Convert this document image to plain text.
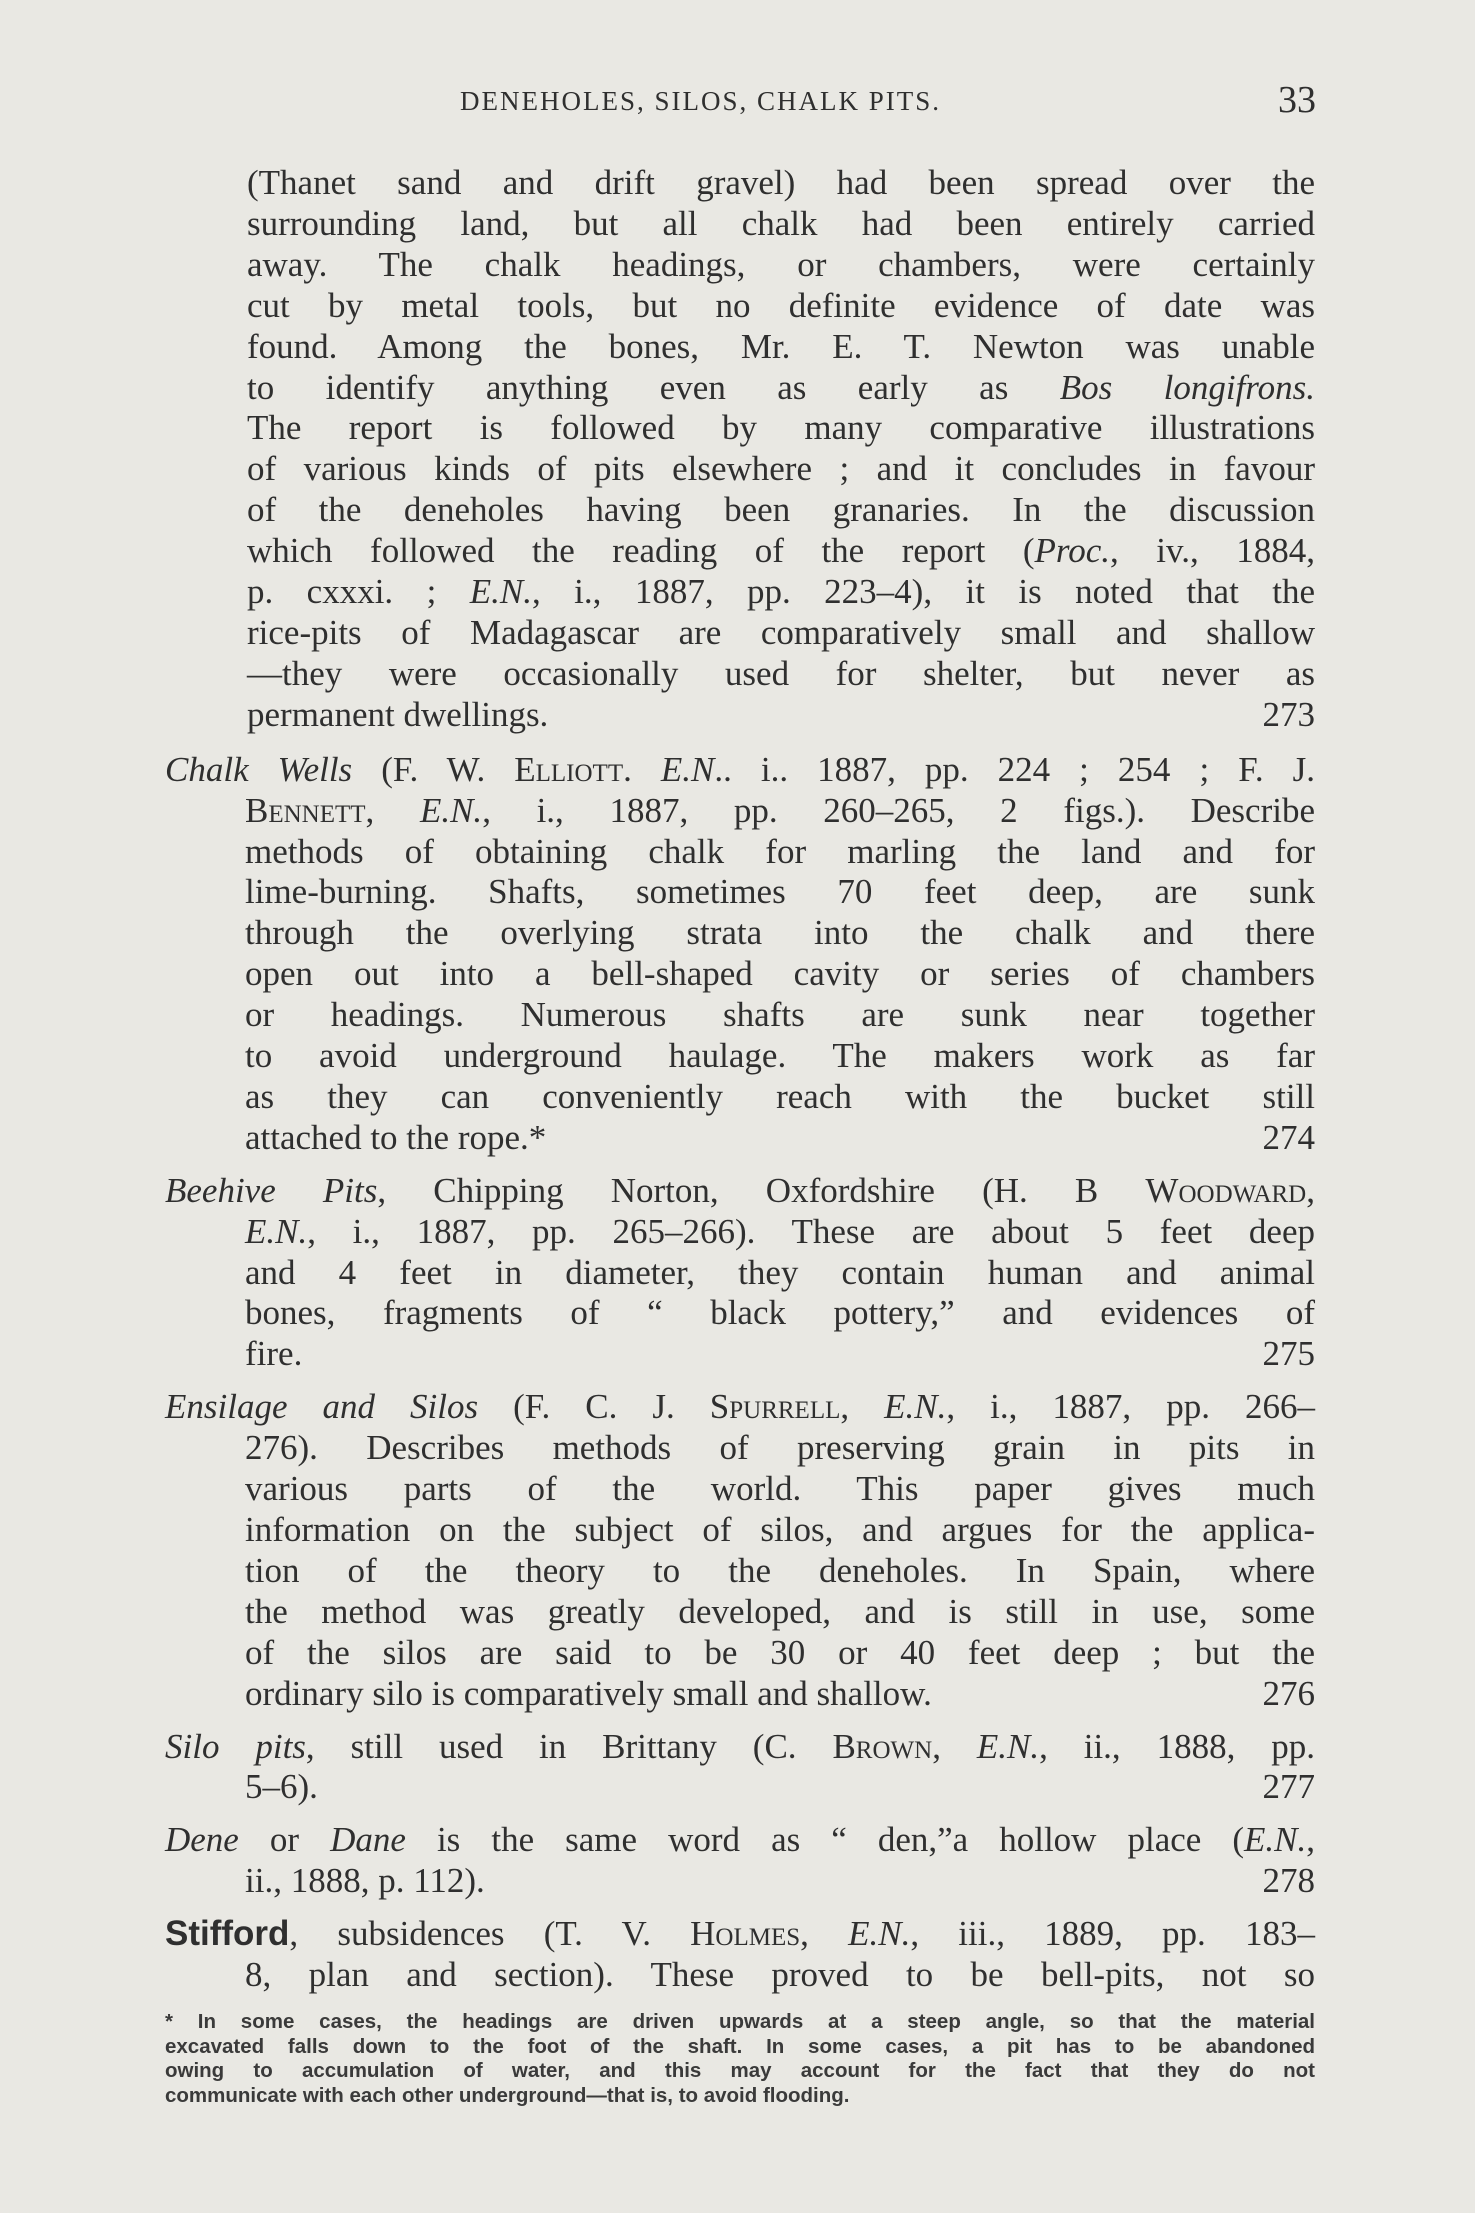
DENEHOLES, SILOS, CHALK PITS.	33

(Thanet sand and drift gravel) had been spread over the

surrounding land, but all chalk had been entirely carried

away. The chalk headings, or chambers, were certainly

cut by metal tools, but no definite evidence of date was

found. Among the bones, Mr. E. T. Newton was unable

to identify anything even as early as Bos longifrons.

The report is followed by many comparative illustrations

of various kinds of pits elsewhere ; and it concludes in favour

of the deneholes having been granaries. In the discussion

which followed the reading of the report (Proc., iv., 1884,

p. cxxxi. ; E.N., i., 1887, pp. 223–4), it is noted that the

rice-pits of Madagascar are comparatively small and shallow

—they were occasionally used for shelter, but never as

permanent dwellings.	273

Chalk Wells (F. W. Elliott. E.N.. i.. 1887, pp. 224 ; 254 ; F. J.

Bennett, E.N., i., 1887, pp. 260–265, 2 figs.). Describe

methods of obtaining chalk for marling the land and for

lime-burning. Shafts, sometimes 70 feet deep, are sunk

through the overlying strata into the chalk and there

open out into a bell-shaped cavity or series of chambers

or headings. Numerous shafts are sunk near together

to avoid underground haulage. The makers work as far

as they can conveniently reach with the bucket still

attached to the rope.*	274

Beehive Pits, Chipping Norton, Oxfordshire (H. B Woodward,

E.N., i., 1887, pp. 265–266). These are about 5 feet deep

and 4 feet in diameter, they contain human and animal

bones, fragments of “ black pottery,” and evidences of

fire.	275

Ensilage and Silos (F. C. J. Spurrell, E.N., i., 1887, pp. 266–

276). Describes methods of preserving grain in pits in

various parts of the world. This paper gives much

information on the subject of silos, and argues for the applica-

tion of the theory to the deneholes. In Spain, where

the method was greatly developed, and is still in use, some

of the silos are said to be 30 or 40 feet deep ; but the

ordinary silo is comparatively small and shallow.	276

Silo pits, still used in Brittany (C. Brown, E.N., ii., 1888, pp.

5–6).	277

Dene or Dane is the same word as “ den,”a hollow place (E.N.,

ii., 1888, p. 112).	278

Stifford, subsidences (T. V. Holmes, E.N., iii., 1889, pp. 183–

8, plan and section). These proved to be bell-pits, not so

* In some cases, the headings are driven upwards at a steep angle, so that the material

excavated falls down to the foot of the shaft. In some cases, a pit has to be abandoned

owing to accumulation of water, and this may account for the fact that they do not

communicate with each other underground—that is, to avoid flooding.
